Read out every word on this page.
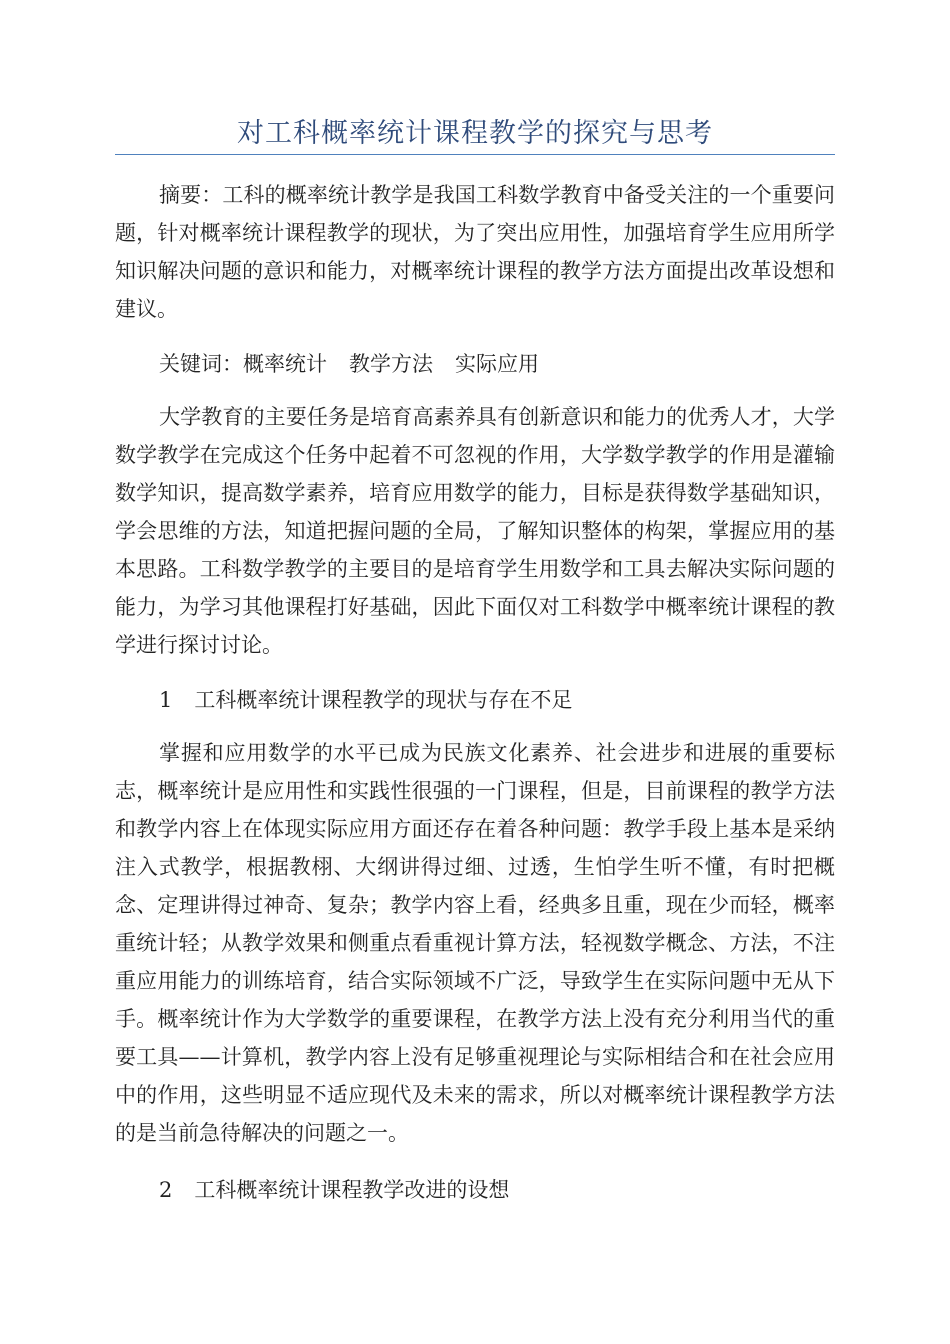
对工科概率统计课程教学的探究与思考

摘要：工科的概率统计教学是我国工科数学教育中备受关注的一个重要问题，针对概率统计课程教学的现状，为了突出应用性，加强培育学生应用所学知识解决问题的意识和能力，对概率统计课程的教学方法方面提出改革设想和建议。

关键词：概率统计 教学方法 实际应用

大学教育的主要任务是培育高素养具有创新意识和能力的优秀人才，大学数学教学在完成这个任务中起着不可忽视的作用，大学数学教学的作用是灌输数学知识，提高数学素养，培育应用数学的能力，目标是获得数学基础知识，学会思维的方法，知道把握问题的全局，了解知识整体的构架，掌握应用的基本思路。工科数学教学的主要目的是培育学生用数学和工具去解决实际问题的能力，为学习其他课程打好基础，因此下面仅对工科数学中概率统计课程的教学进行探讨讨论。

1 工科概率统计课程教学的现状与存在不足

掌握和应用数学的水平已成为民族文化素养、社会进步和进展的重要标志，概率统计是应用性和实践性很强的一门课程，但是，目前课程的教学方法和教学内容上在体现实际应用方面还存在着各种问题：教学手段上基本是采纳注入式教学，根据教栩、大纲讲得过细、过透，生怕学生听不懂，有时把概念、定理讲得过神奇、复杂；教学内容上看，经典多且重，现在少而轻，概率重统计轻；从教学效果和侧重点看重视计算方法，轻视数学概念、方法，不注重应用能力的训练培育，结合实际领域不广泛，导致学生在实际问题中无从下手。概率统计作为大学数学的重要课程，在教学方法上没有充分利用当代的重要工具——计算机，教学内容上没有足够重视理论与实际相结合和在社会应用中的作用，这些明显不适应现代及未来的需求，所以对概率统计课程教学方法的是当前急待解决的问题之一。

2 工科概率统计课程教学改进的设想
